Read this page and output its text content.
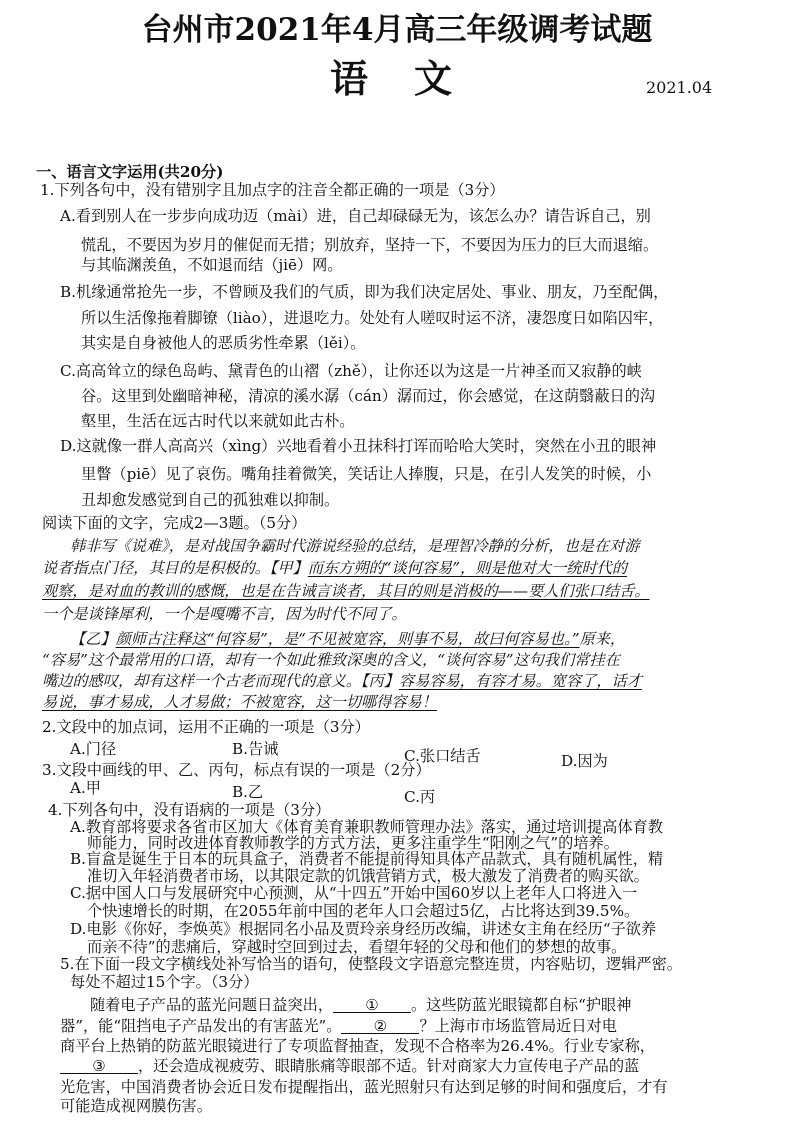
台州市2021年4月高三年级调考试题
语文	2021.04
一、语言文字运用(共20分)
1.下列各句中，没有错别字且加点字的注音全都正确的一项是（3分）
A.看到别人在一步步向成功迈（mài）进，自己却碌碌无为，该怎么办？请告诉自己，别
慌乱，不要因为岁月的催促而无措；别放弃，坚持一下，不要因为压力的巨大而退缩。
与其临渊羡鱼，不如退而结（jiē）网。
B.机缘通常抢先一步，不曾顾及我们的气质，即为我们决定居处、事业、朋友，乃至配偶，
所以生活像拖着脚镣（liào），进退吃力。处处有人嗟叹时运不济，凄怨度日如陷囚牢，
其实是自身被他人的恶质劣性牵累（lěi）。
C.高高耸立的绿色岛屿、黛青色的山褶（zhě），让你还以为这是一片神圣而又寂静的峡
谷。这里到处幽暗神秘，清凉的溪水潺（cán）潺而过，你会感觉，在这荫翳蔽日的沟
壑里，生活在远古时代以来就如此古朴。
D.这就像一群人高高兴（xìng）兴地看着小丑抹科打诨而哈哈大笑时，突然在小丑的眼神
里瞥（piē）见了哀伤。嘴角挂着微笑，笑话让人捧腹，只是，在引人发笑的时候，小
丑却愈发感觉到自己的孤独难以抑制。
阅读下面的文字，完成2—3题。（5分）
韩非写《说难》，是对战国争霸时代游说经验的总结，是理智冷静的分析，也是在对游
说者指点门径，其目的是积极的。【甲】而东方朔的“谈何容易”，则是他对大一统时代的
观察，是对血的教训的感慨，也是在告诫言谈者，其目的则是消极的——要人们张口结舌。
一个是谈锋犀利，一个是嘎嘴不言，因为时代不同了。
【乙】颜师古注释这“何容易”，是“不见被宽容，则事不易，故曰何容易也。”原来，
“容易”这个最常用的口语，却有一个如此雅致深奥的含义，“谈何容易”这句我们常挂在
嘴边的感叹，却有这样一个古老而现代的意义。【丙】容易容易，有容才易。宽容了，话才
易说，事才易成，人才易做；不被宽容，这一切哪得容易！
2.文段中的加点词，运用不正确的一项是（3分）
A.门径	B.告诫	C.张口结舌	D.因为
3.文段中画线的甲、乙、丙句，标点有误的一项是（2分）
A.甲	B.乙	C.丙
4.下列各句中，没有语病的一项是（3分）
A.教育部将要求各省市区加大《体育美育兼职教师管理办法》落实，通过培训提高体育教
师能力，同时改进体育教师教学的方式方法，更多注重学生“阳刚之气”的培养。
B.盲盒是诞生于日本的玩具盒子，消费者不能提前得知具体产品款式，具有随机属性，精
准切入年轻消费者市场，以其限定款的饥饿营销方式，极大激发了消费者的购买欲。
C.据中国人口与发展研究中心预测，从“十四五”开始中国60岁以上老年人口将进入一
个快速增长的时期，在2055年前中国的老年人口会超过5亿，占比将达到39.5%。
D.电影《你好，李焕英》根据同名小品及贾玲亲身经历改编，讲述女主角在经历“子欲养
而亲不待”的悲痛后，穿越时空回到过去，看望年轻的父母和他们的梦想的故事。
5.在下面一段文字横线处补写恰当的语句，使整段文字语意完整连贯，内容贴切，逻辑严密。
每处不超过15个字。（3分）
随着电子产品的蓝光问题日益突出， ① 。这些防蓝光眼镜都自标“护眼神
器”，能“阻挡电子产品发出的有害蓝光”。 ② ？上海市市场监管局近日对电
商平台上热销的防蓝光眼镜进行了专项监督抽查，发现不合格率为26.4%。行业专家称，
③ ，还会造成视疲劳、眼睛胀痛等眼部不适。针对商家大力宣传电子产品的蓝
光危害，中国消费者协会近日发布提醒指出，蓝光照射只有达到足够的时间和强度后，才有
可能造成视网膜伤害。
